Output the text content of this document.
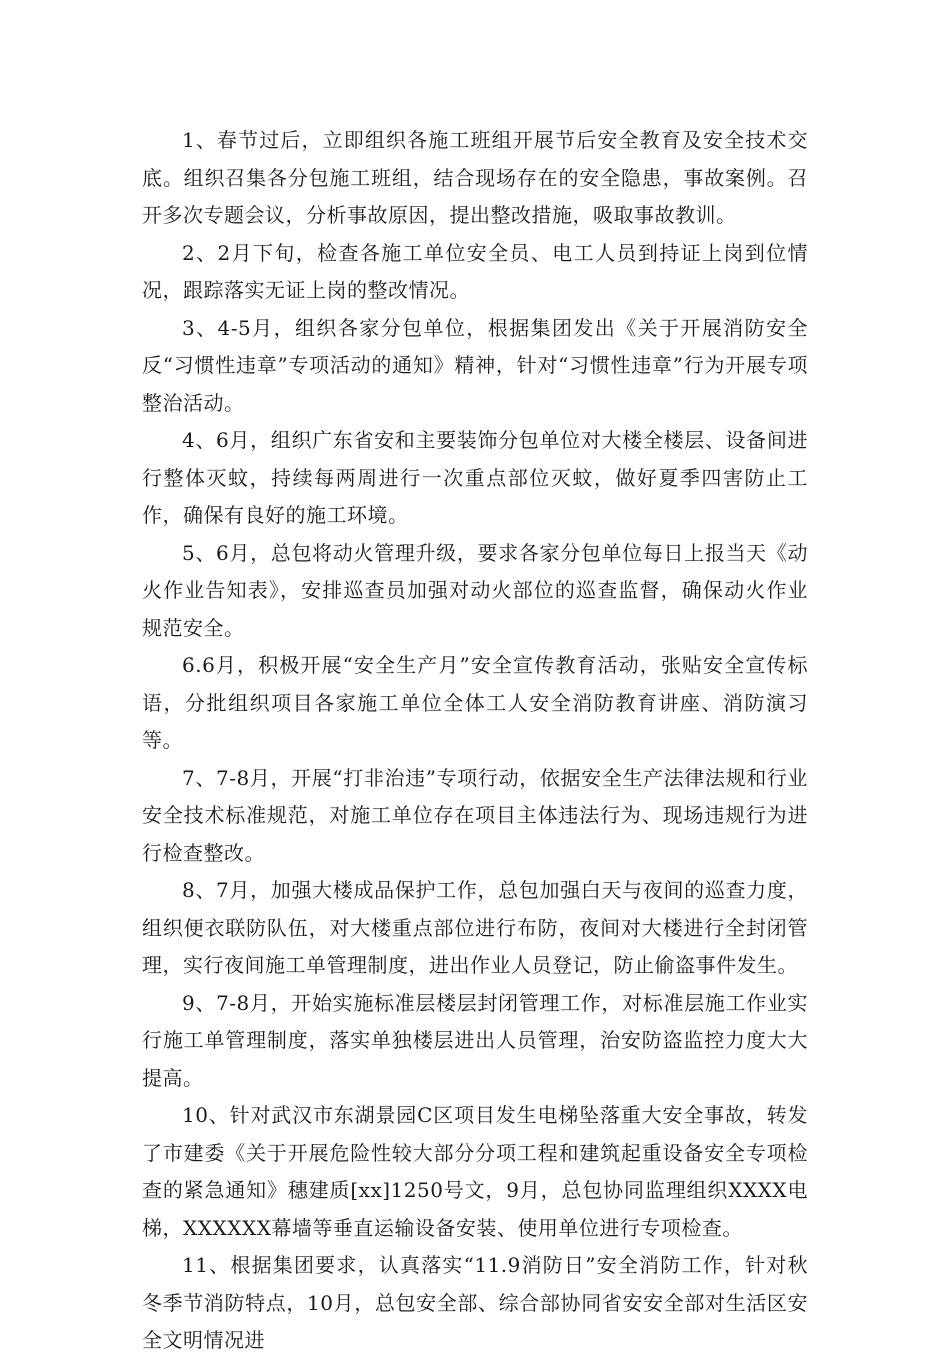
1、春节过后，立即组织各施工班组开展节后安全教育及安全技术交底。组织召集各分包施工班组，结合现场存在的安全隐患，事故案例。召开多次专题会议，分析事故原因，提出整改措施，吸取事故教训。

2、2月下旬，检查各施工单位安全员、电工人员到持证上岗到位情况，跟踪落实无证上岗的整改情况。

3、4-5月，组织各家分包单位，根据集团发出《关于开展消防安全反“习惯性违章”专项活动的通知》精神，针对“习惯性违章”行为开展专项整治活动。

4、6月，组织广东省安和主要装饰分包单位对大楼全楼层、设备间进行整体灭蚊，持续每两周进行一次重点部位灭蚊，做好夏季四害防止工作，确保有良好的施工环境。

5、6月，总包将动火管理升级，要求各家分包单位每日上报当天《动火作业告知表》，安排巡查员加强对动火部位的巡查监督，确保动火作业规范安全。

6.6月，积极开展“安全生产月”安全宣传教育活动，张贴安全宣传标语，分批组织项目各家施工单位全体工人安全消防教育讲座、消防演习等。

7、7-8月，开展“打非治违”专项行动，依据安全生产法律法规和行业安全技术标准规范，对施工单位存在项目主体违法行为、现场违规行为进行检查整改。

8、7月，加强大楼成品保护工作，总包加强白天与夜间的巡查力度，组织便衣联防队伍，对大楼重点部位进行布防，夜间对大楼进行全封闭管理，实行夜间施工单管理制度，进出作业人员登记，防止偷盗事件发生。

9、7-8月，开始实施标准层楼层封闭管理工作，对标准层施工作业实行施工单管理制度，落实单独楼层进出人员管理，治安防盗监控力度大大提高。

10、针对武汉市东湖景园C区项目发生电梯坠落重大安全事故，转发了市建委《关于开展危险性较大部分分项工程和建筑起重设备安全专项检查的紧急通知》穗建质[xx]1250号文，9月，总包协同监理组织XXXX电梯，XXXXXX幕墙等垂直运输设备安装、使用单位进行专项检查。

11、根据集团要求，认真落实“11.9消防日”安全消防工作，针对秋冬季节消防特点，10月，总包安全部、综合部协同省安安全部对生活区安全文明情况进
